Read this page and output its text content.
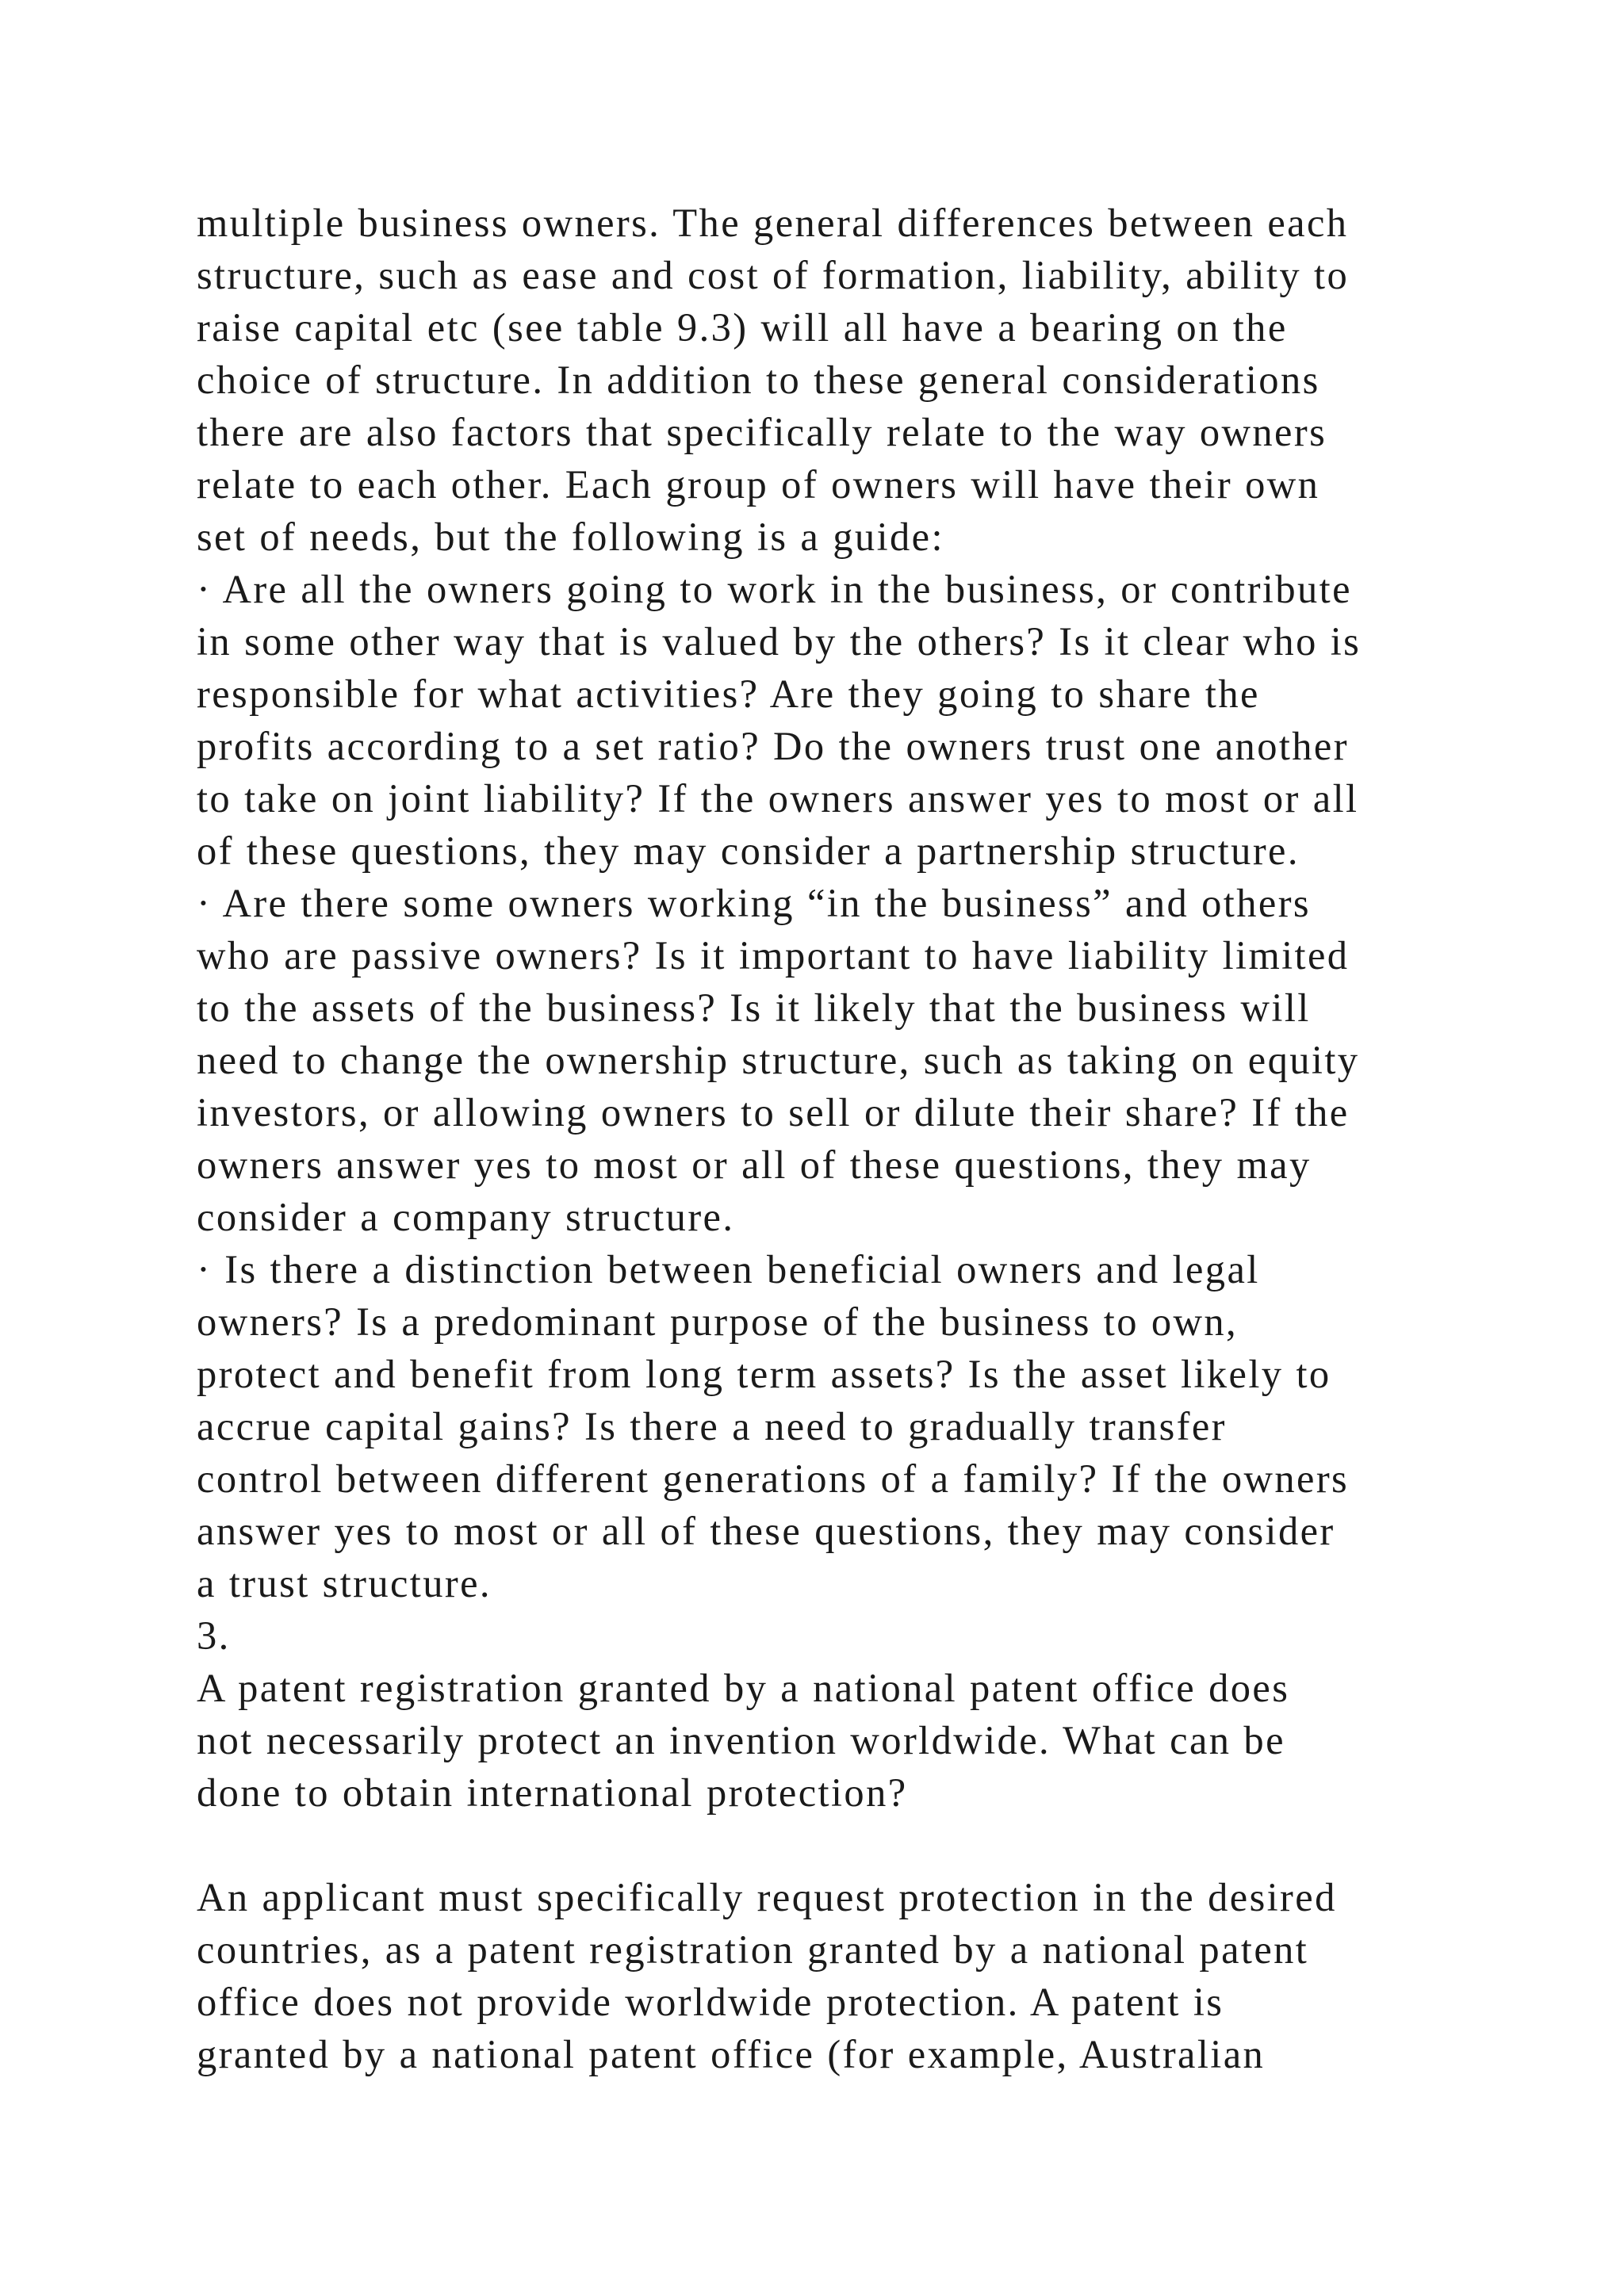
multiple business owners. The general differences between each
structure, such as ease and cost of formation, liability, ability to
raise capital etc (see table 9.3) will all have a bearing on the
choice of structure. In addition to these general considerations
there are also factors that specifically relate to the way owners
relate to each other. Each group of owners will have their own
set of needs, but the following is a guide:
· Are all the owners going to work in the business, or contribute
in some other way that is valued by the others? Is it clear who is
responsible for what activities? Are they going to share the
profits according to a set ratio? Do the owners trust one another
to take on joint liability? If the owners answer yes to most or all
of these questions, they may consider a partnership structure.
· Are there some owners working “in the business” and others
who are passive owners? Is it important to have liability limited
to the assets of the business? Is it likely that the business will
need to change the ownership structure, such as taking on equity
investors, or allowing owners to sell or dilute their share? If the
owners answer yes to most or all of these questions, they may
consider a company structure.
· Is there a distinction between beneficial owners and legal
owners? Is a predominant purpose of the business to own,
protect and benefit from long term assets? Is the asset likely to
accrue capital gains? Is there a need to gradually transfer
control between different generations of a family? If the owners
answer yes to most or all of these questions, they may consider
a trust structure.
3.
A patent registration granted by a national patent office does
not necessarily protect an invention worldwide. What can be
done to obtain international protection?
An applicant must specifically request protection in the desired
countries, as a patent registration granted by a national patent
office does not provide worldwide protection. A patent is
granted by a national patent office (for example, Australian
